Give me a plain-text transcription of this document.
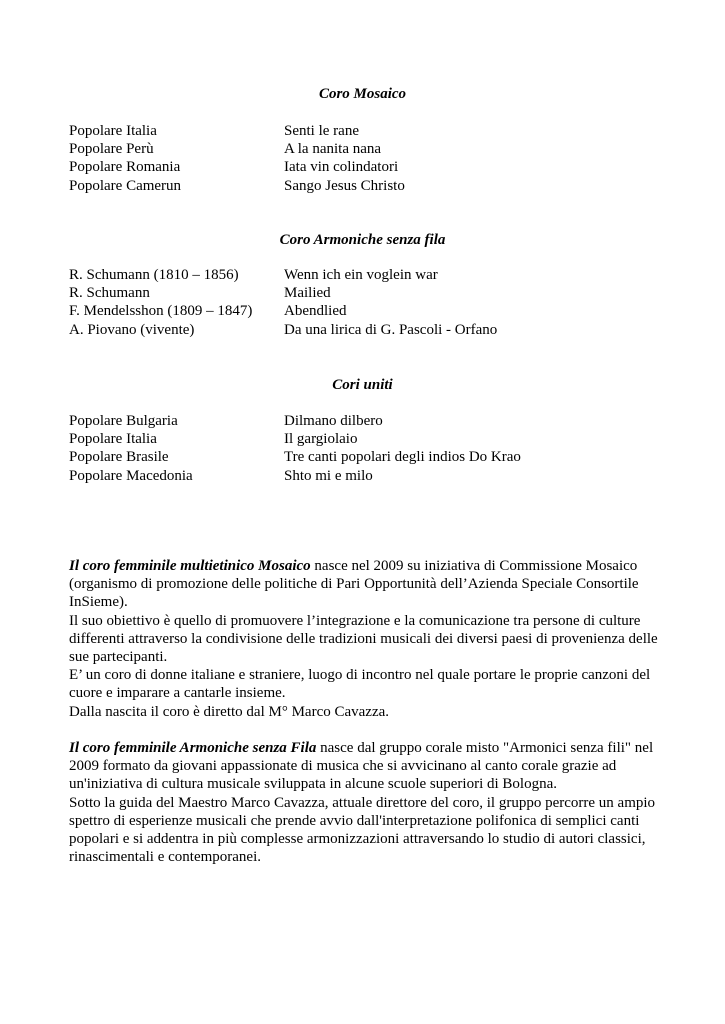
Coro Mosaico
Popolare Italia	Senti le rane
Popolare Perù	A la nanita nana
Popolare Romania	Iata vin colindatori
Popolare Camerun	Sango Jesus Christo
Coro Armoniche senza fila
R. Schumann (1810 – 1856)	Wenn ich ein voglein war
R. Schumann	Mailied
F. Mendelsshon (1809 – 1847)	Abendlied
A. Piovano (vivente)	Da una lirica di G. Pascoli - Orfano
Cori uniti
Popolare Bulgaria	Dilmano dilbero
Popolare Italia	Il gargiolaio
Popolare Brasile	Tre canti popolari degli indios Do Krao
Popolare Macedonia	Shto mi e milo

Il coro femminile multietinico Mosaico nasce nel 2009 su iniziativa di Commissione Mosaico (organismo di promozione delle politiche di Pari Opportunità dell’Azienda Speciale Consortile InSieme).

Il suo obiettivo è quello di promuovere l’integrazione e la comunicazione tra persone di culture differenti attraverso la condivisione delle tradizioni musicali dei diversi paesi di provenienza delle sue partecipanti.

E’ un coro di donne italiane e straniere, luogo di incontro nel quale portare le proprie canzoni del cuore e imparare a cantarle insieme.

Dalla nascita il coro è diretto dal M° Marco Cavazza.

Il coro femminile Armoniche senza Fila nasce dal gruppo corale misto "Armonici senza fili" nel 2009 formato da giovani appassionate di musica che si avvicinano al canto corale grazie ad un'iniziativa di cultura musicale sviluppata in alcune scuole superiori di Bologna.

Sotto la guida del Maestro Marco Cavazza, attuale direttore del coro, il gruppo percorre un ampio spettro di esperienze musicali che prende avvio dall'interpretazione polifonica di semplici canti popolari e si addentra in più complesse armonizzazioni attraversando lo studio di autori classici, rinascimentali e contemporanei.
